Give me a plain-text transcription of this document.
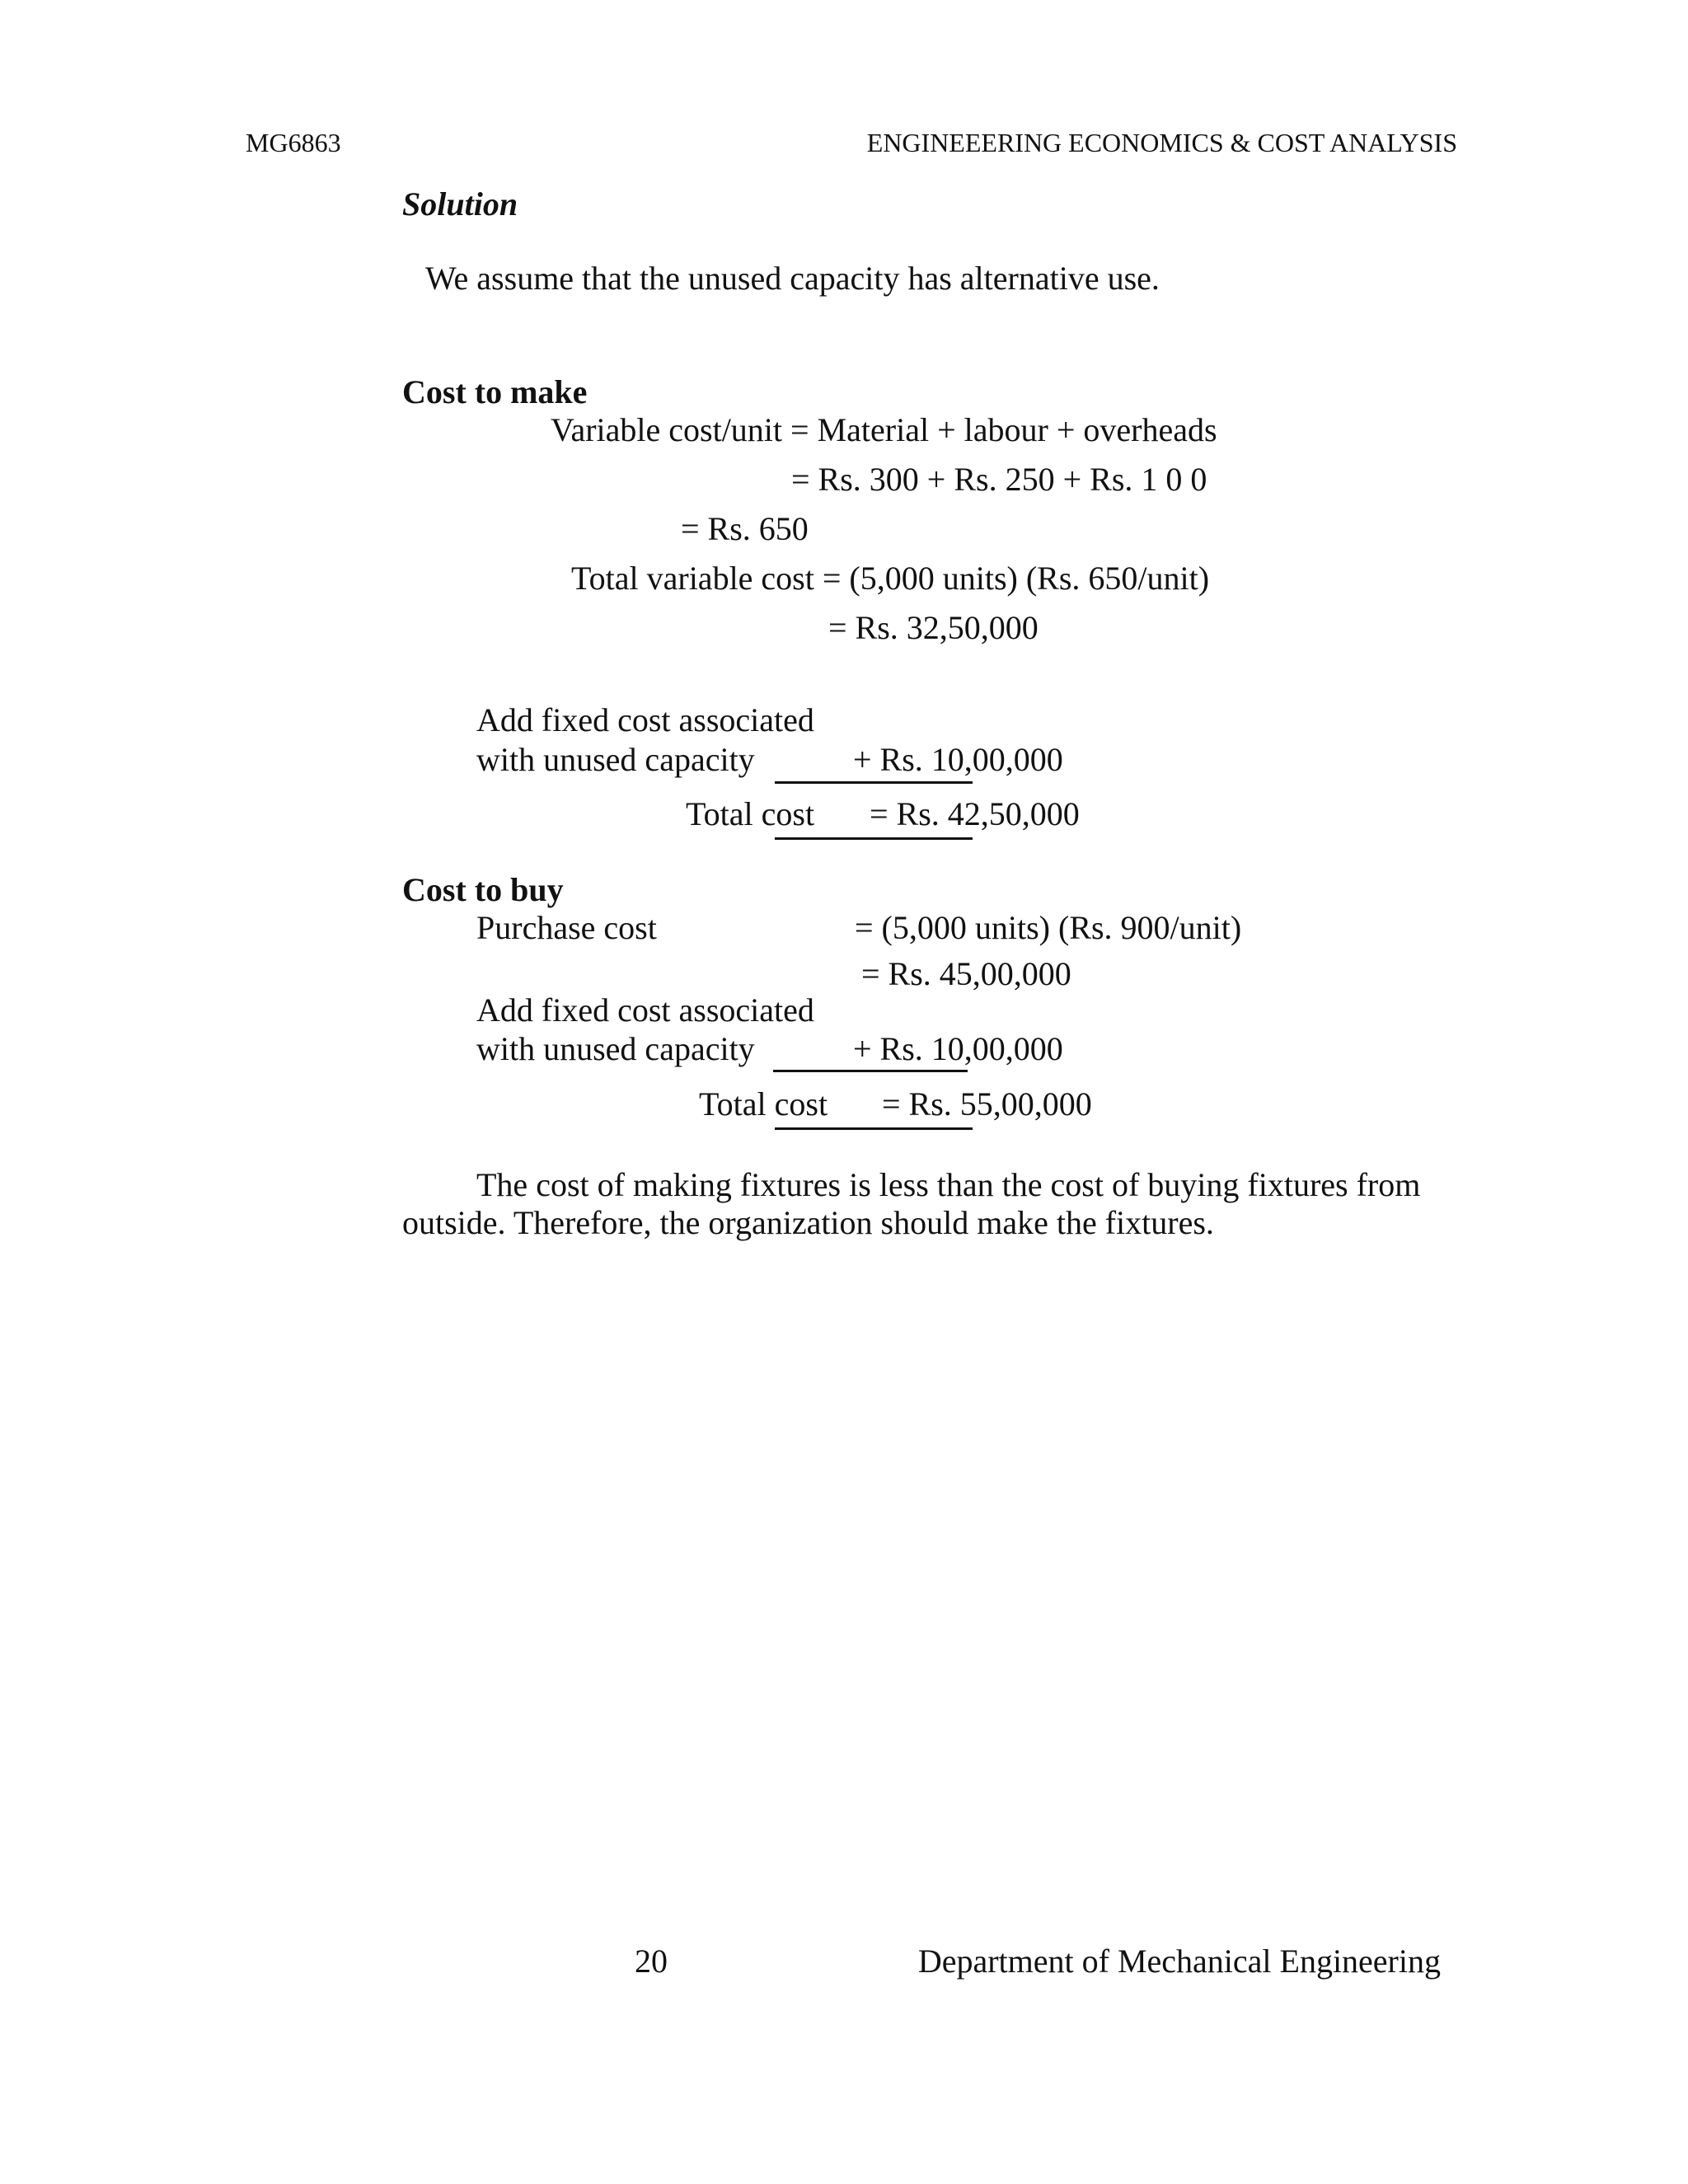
MG6863	ENGINEEERING ECONOMICS & COST ANALYSIS
Solution
We assume that the unused capacity has alternative use.
Cost to make
Variable cost/unit = Material + labour + overheads
= Rs. 300 + Rs. 250 + Rs. 1 0 0
= Rs. 650
Total variable cost = (5,000 units) (Rs. 650/unit)
= Rs. 32,50,000
Add fixed cost associated
with unused capacity	+ Rs. 10,00,000
Total cost = Rs. 42,50,000
Cost to buy
Purchase cost	= (5,000 units) (Rs. 900/unit)
= Rs. 45,00,000
Add fixed cost associated
with unused capacity	+ Rs. 10,00,000
Total cost = Rs. 55,00,000
The cost of making fixtures is less than the cost of buying fixtures from
outside. Therefore, the organization should make the fixtures.
20	Department of Mechanical Engineering
